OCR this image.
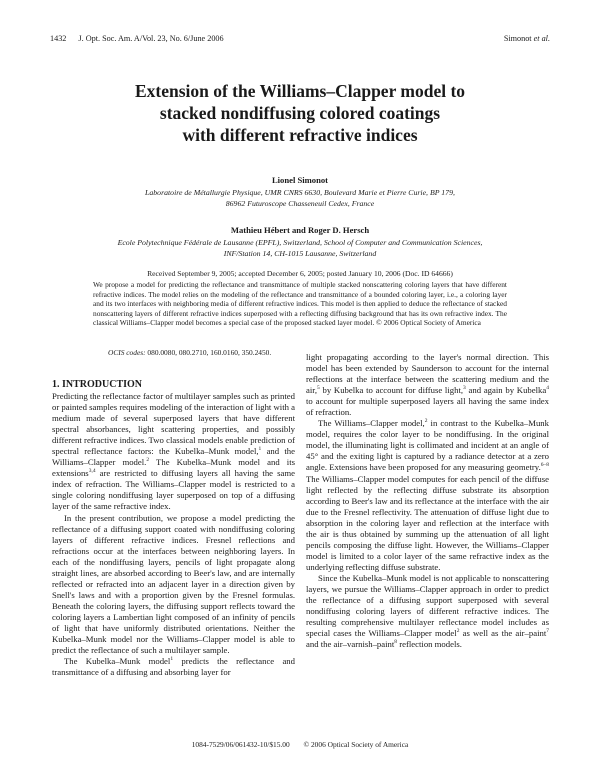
1432 J. Opt. Soc. Am. A/Vol. 23, No. 6/June 2006	Simonot et al.
Extension of the Williams–Clapper model to
stacked nondiffusing colored coatings
with different refractive indices
Lionel Simonot
Laboratoire de Métallurgie Physique, UMR CNRS 6630, Boulevard Marie et Pierre Curie, BP 179,
86962 Futuroscope Chasseneuil Cedex, France
Mathieu Hébert and Roger D. Hersch
Ecole Polytechnique Fédérale de Lausanne (EPFL), Switzerland, School of Computer and Communication Sciences,
INF/Station 14, CH-1015 Lausanne, Switzerland
Received September 9, 2005; accepted December 6, 2005; posted January 10, 2006 (Doc. ID 64666)
We propose a model for predicting the reflectance and transmittance of multiple stacked nonscattering coloring layers that have different refractive indices. The model relies on the modeling of the reflectance and transmittance of a bounded coloring layer, i.e., a coloring layer and its two interfaces with neighboring media of different refractive indices. This model is then applied to deduce the reflectance of stacked nonscattering layers of different refractive indices superposed with a reflecting diffusing background that has its own refractive index. The classical Williams–Clapper model becomes a special case of the proposed stacked layer model. © 2006 Optical Society of America
OCIS codes: 080.0080, 080.2710, 160.0160, 350.2450.
1. INTRODUCTION

Predicting the reflectance factor of multilayer samples such as printed or painted samples requires modeling of the interaction of light with a medium made of several superposed layers that have different spectral absorbances, light scattering properties, and possibly different refractive indices. Two classical models enable prediction of spectral reflectance factors: the Kubelka–Munk model,$^1$ and the Williams–Clapper model.$^2$ The Kubelka–Munk model and its extensions$^{3,4}$ are restricted to diffusing layers all having the same index of refraction. The Williams–Clapper model is restricted to a single coloring nondiffusing layer superposed on top of a diffusing layer of the same refractive index.

In the present contribution, we propose a model predicting the reflectance of a diffusing support coated with nondiffusing coloring layers of different refractive indices. Fresnel reflections and refractions occur at the interfaces between neighboring layers. In each of the nondiffusing layers, pencils of light propagate along straight lines, are absorbed according to Beer's law, and are internally reflected or refracted into an adjacent layer in a direction given by Snell's laws and with a proportion given by the Fresnel formulas. Beneath the coloring layers, the diffusing support reflects toward the coloring layers a Lambertian light composed of an infinity of pencils of light that have uniformly distributed orientations. Neither the Kubelka–Munk model nor the Williams–Clapper model is able to predict the reflectance of such a multilayer sample.

The Kubelka–Munk model$^1$ predicts the reflectance and transmittance of a diffusing and absorbing layer for

light propagating according to the layer's normal direction. This model has been extended by Saunderson to account for the internal reflections at the interface between the scattering medium and the air,$^5$ by Kubelka to account for diffuse light,$^3$ and again by Kubelka$^4$ to account for multiple superposed layers all having the same index of refraction.

The Williams–Clapper model,$^2$ in contrast to the Kubelka–Munk model, requires the color layer to be nondiffusing. In the original model, the illuminating light is collimated and incident at an angle of 45° and the exiting light is captured by a radiance detector at a zero angle. Extensions have been proposed for any measuring geometry.$^{6-8}$ The Williams–Clapper model computes for each pencil of the diffuse light reflected by the reflecting diffuse substrate its absorption according to Beer's law and its reflectance at the interface with the air due to the Fresnel reflectivity. The attenuation of diffuse light due to absorption in the coloring layer and reflection at the interface with the air is thus obtained by summing up the attenuation of all light pencils composing the diffuse light. However, the Williams–Clapper model is limited to a color layer of the same refractive index as the underlying reflecting diffuse substrate.

Since the Kubelka–Munk model is not applicable to nonscattering layers, we pursue the Williams–Clapper approach in order to predict the reflectance of a diffusing support superposed with several nondiffusing coloring layers of different refractive indices. The resulting comprehensive multilayer reflectance model includes as special cases the Williams–Clapper model$^2$ as well as the air–paint$^7$ and the air–varnish–paint$^8$ reflection models.

1084-7529/06/061432-10/$15.00 © 2006 Optical Society of America
